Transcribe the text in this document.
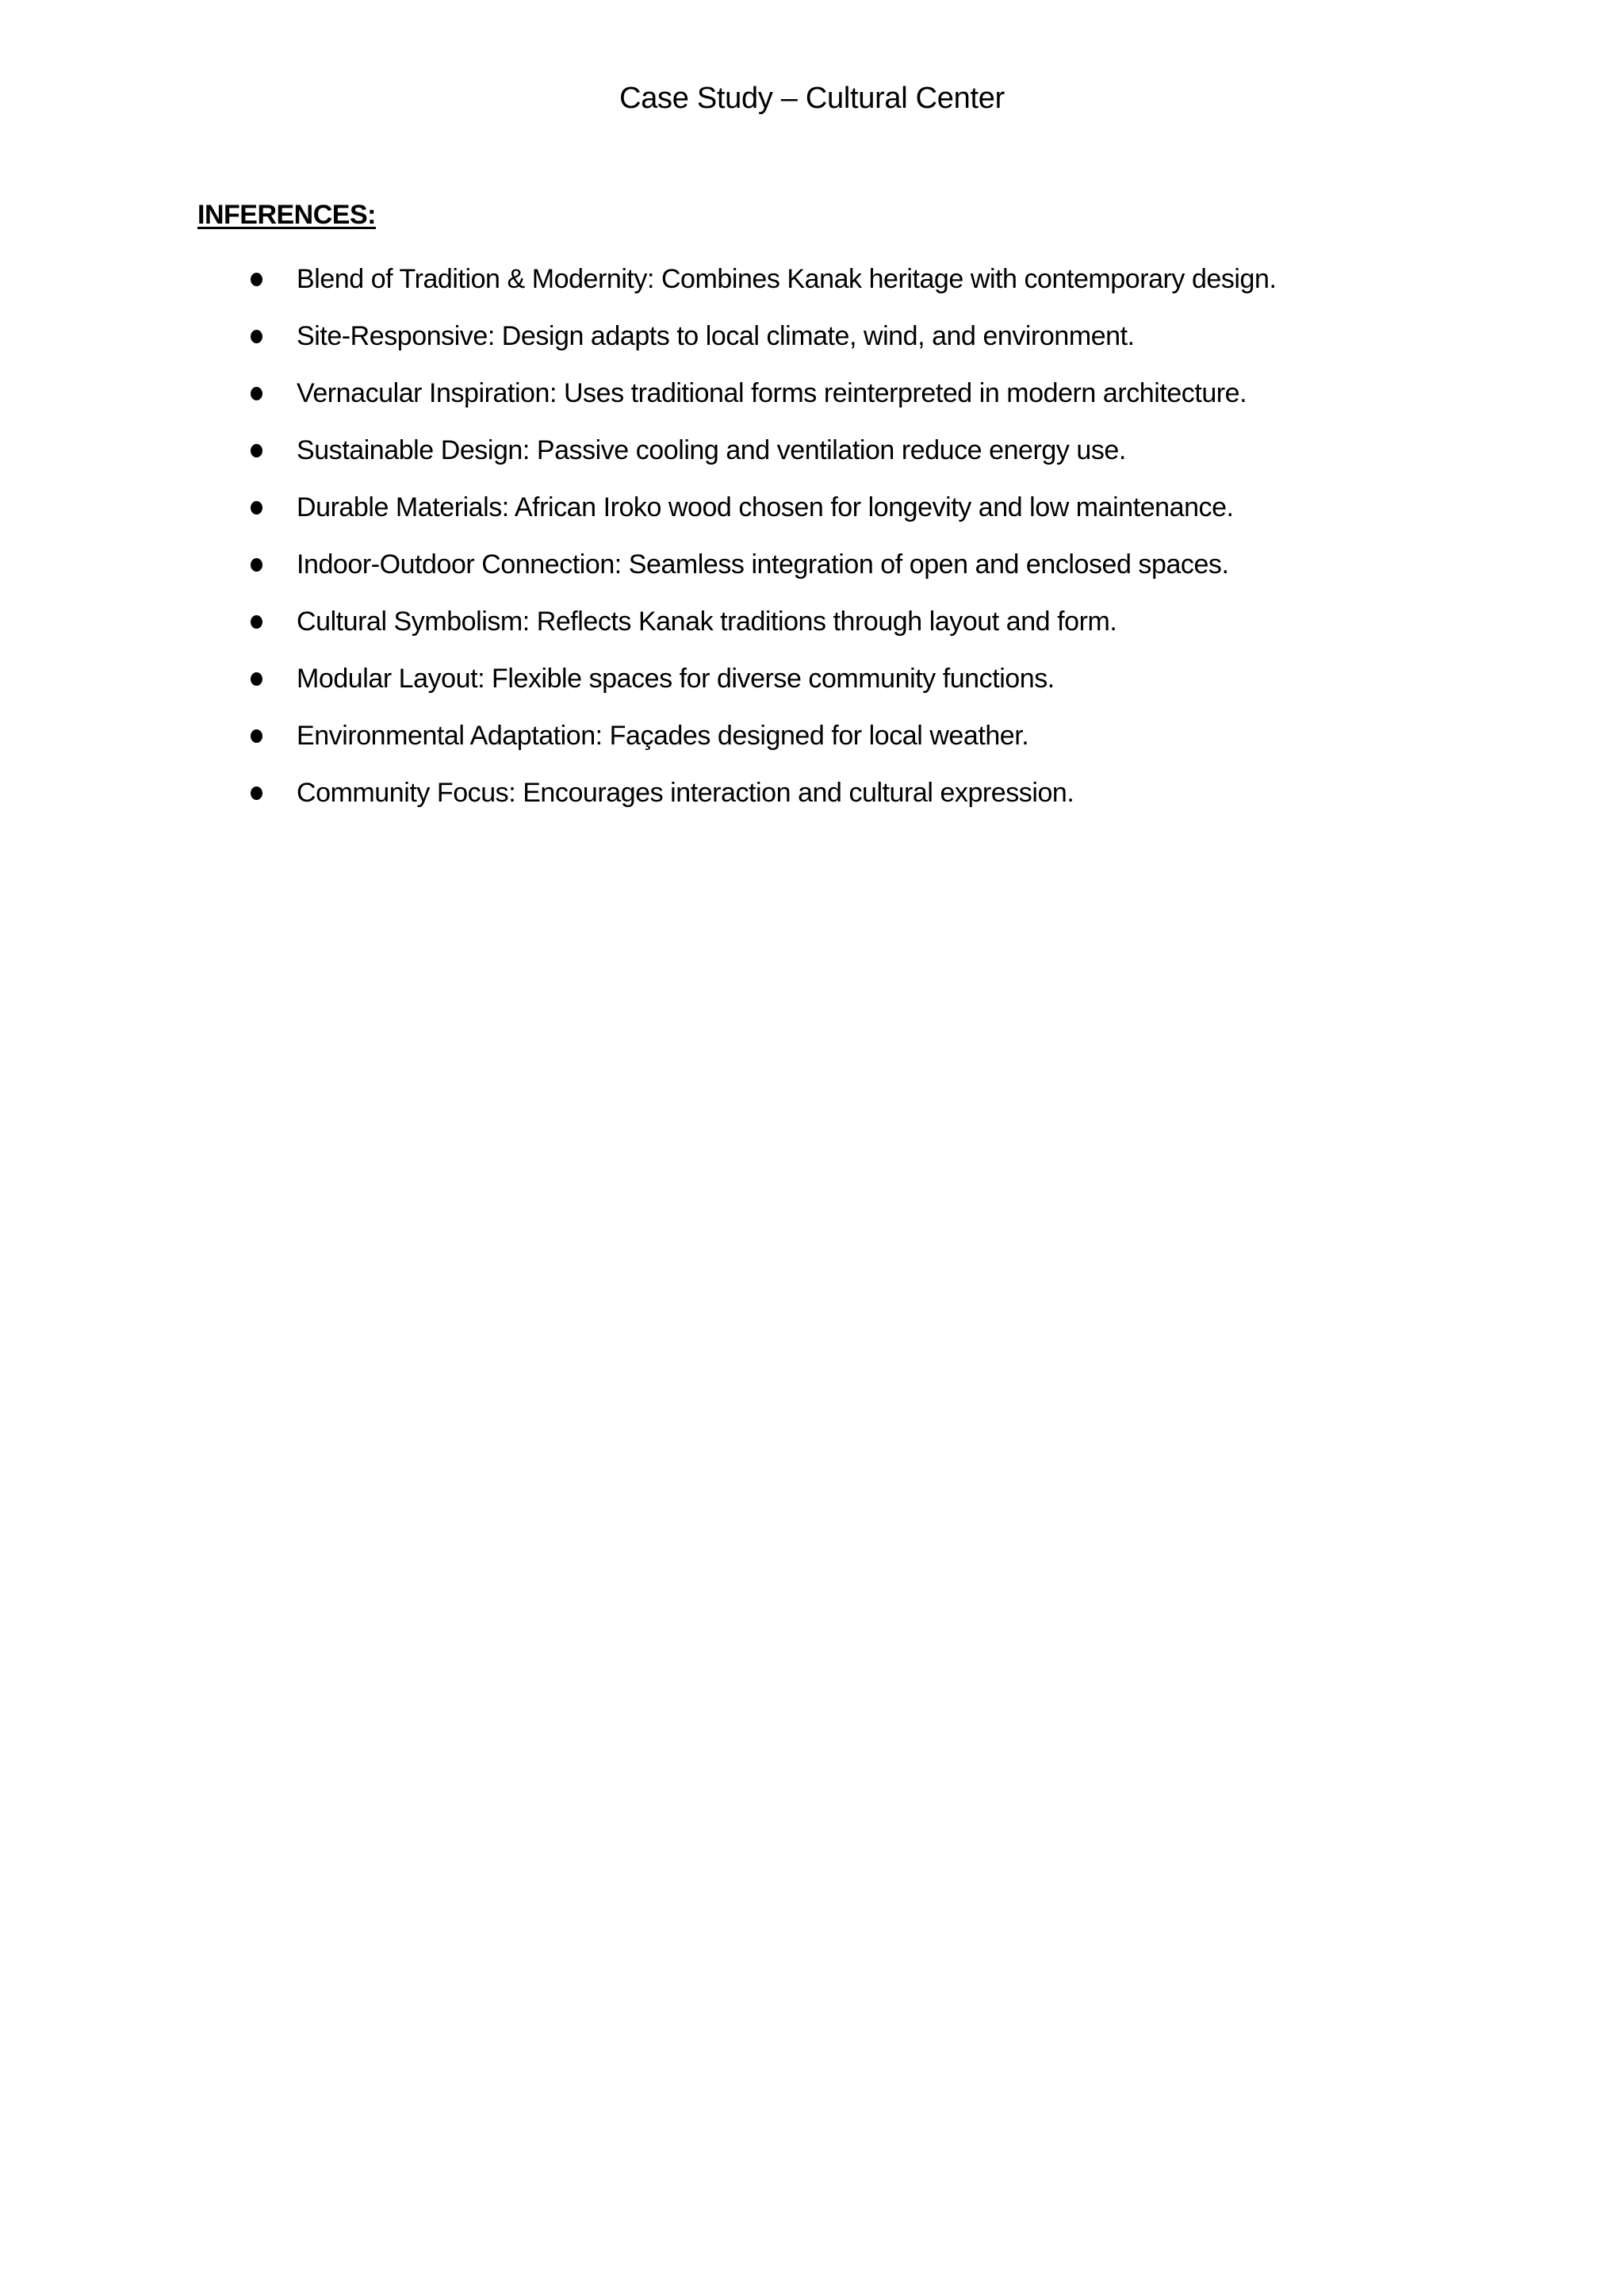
Case Study – Cultural Center
INFERENCES:
Blend of Tradition & Modernity: Combines Kanak heritage with contemporary design.
Site-Responsive: Design adapts to local climate, wind, and environment.
Vernacular Inspiration: Uses traditional forms reinterpreted in modern architecture.
Sustainable Design: Passive cooling and ventilation reduce energy use.
Durable Materials: African Iroko wood chosen for longevity and low maintenance.
Indoor-Outdoor Connection: Seamless integration of open and enclosed spaces.
Cultural Symbolism: Reflects Kanak traditions through layout and form.
Modular Layout: Flexible spaces for diverse community functions.
Environmental Adaptation: Façades designed for local weather.
Community Focus: Encourages interaction and cultural expression.
